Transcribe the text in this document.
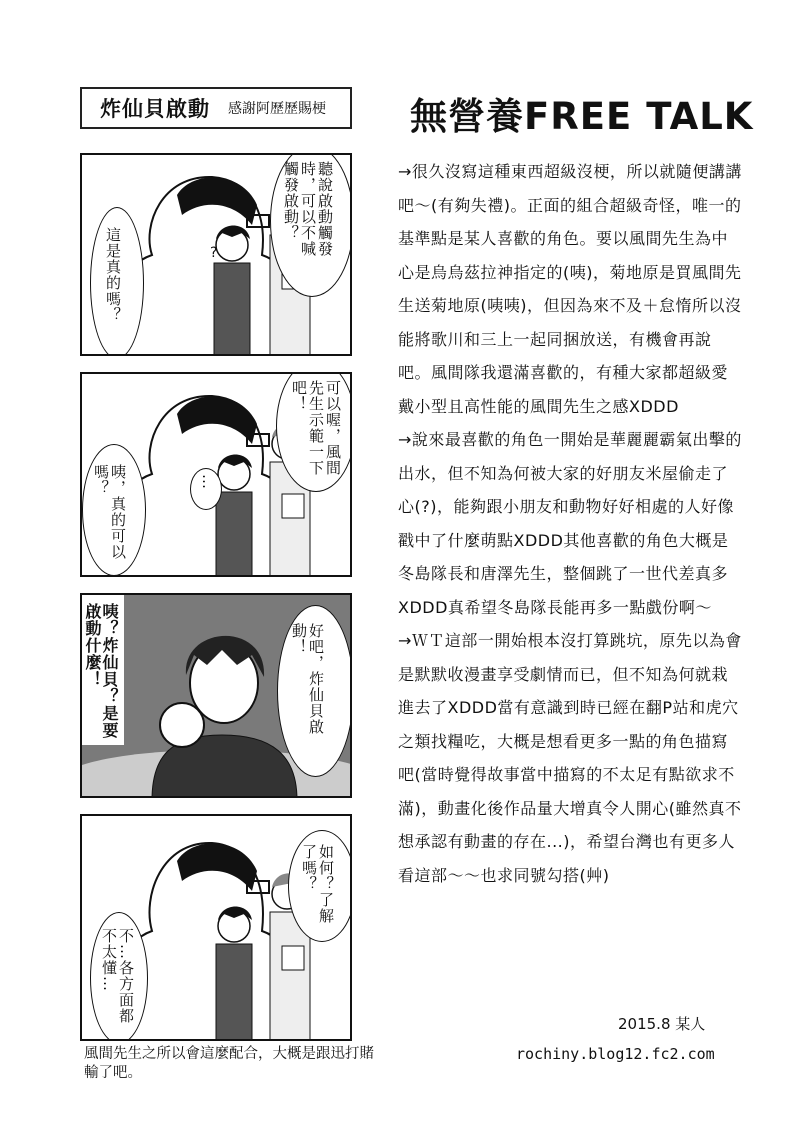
炸仙貝啟動 感謝阿歷歷賜梗 無營養FREE TALK
這是真的嗎？
聽說啟動觸發時，可以不喊觸發啟動？
?
咦，真的可以嗎？	…
可以喔，風間先生示範一下吧！
咦？炸仙貝？是要啟動什麼！	好吧，炸仙貝啟動！
不…各方面都不太懂…
如何？了解了嗎？
風間先生之所以會這麼配合，大概是跟迅打賭輸了吧。

→很久沒寫這種東西超級沒梗，所以就隨便講講吧～(有夠失禮)。正面的組合超級奇怪，唯一的基準點是某人喜歡的角色。要以風間先生為中心是烏烏茲拉神指定的(咦)，菊地原是買風間先生送菊地原(咦咦)，但因為來不及＋怠惰所以沒能將歌川和三上一起同捆放送，有機會再說吧。風間隊我還滿喜歡的，有種大家都超級愛戴小型且高性能的風間先生之感XDDD

→說來最喜歡的角色一開始是華麗麗霸氣出擊的出水，但不知為何被大家的好朋友米屋偷走了心(?)，能夠跟小朋友和動物好好相處的人好像戳中了什麼萌點XDDD其他喜歡的角色大概是冬島隊長和唐澤先生，整個跳了一世代差真多XDDD真希望冬島隊長能再多一點戲份啊～

→ＷＴ這部一開始根本沒打算跳坑，原先以為會是默默收漫畫享受劇情而已，但不知為何就栽進去了XDDD當有意識到時已經在翻P站和虎穴之類找糧吃，大概是想看更多一點的角色描寫吧(當時覺得故事當中描寫的不太足有點欲求不滿)，動畫化後作品量大增真令人開心(雖然真不想承認有動畫的存在...)，希望台灣也有更多人看這部～～也求同號勾搭(艸)

2015.8 某人
rochiny.blog12.fc2.com
